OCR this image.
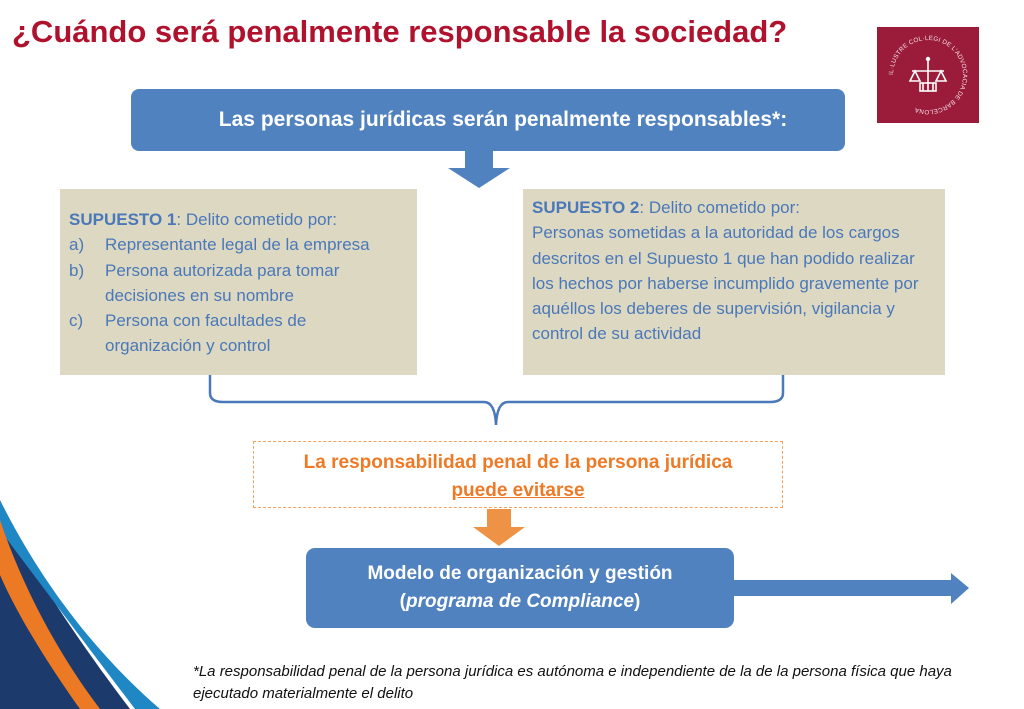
¿Cuándo será penalmente responsable la sociedad?
IL·LUSTRE COL·LEGI DE L'ADVOCACIA DE BARCELONA
Las personas jurídicas serán penalmente responsables*:
SUPUESTO 1: Delito cometido por:
a)	Representante legal de la empresa
b)	Persona autorizada para tomar decisiones en su nombre
c)	Persona con facultades de organización y control
SUPUESTO 2: Delito cometido por:
Personas sometidas a la autoridad de los cargos descritos en el Supuesto 1 que han podido realizar los hechos por haberse incumplido gravemente por aquéllos los deberes de supervisión, vigilancia y control de su actividad
La responsabilidad penal de la persona jurídica
puede evitarse
Modelo de organización y gestión
(programa de Compliance)
*La responsabilidad penal de la persona jurídica es autónoma e independiente de la de la persona física que haya ejecutado materialmente el delito
